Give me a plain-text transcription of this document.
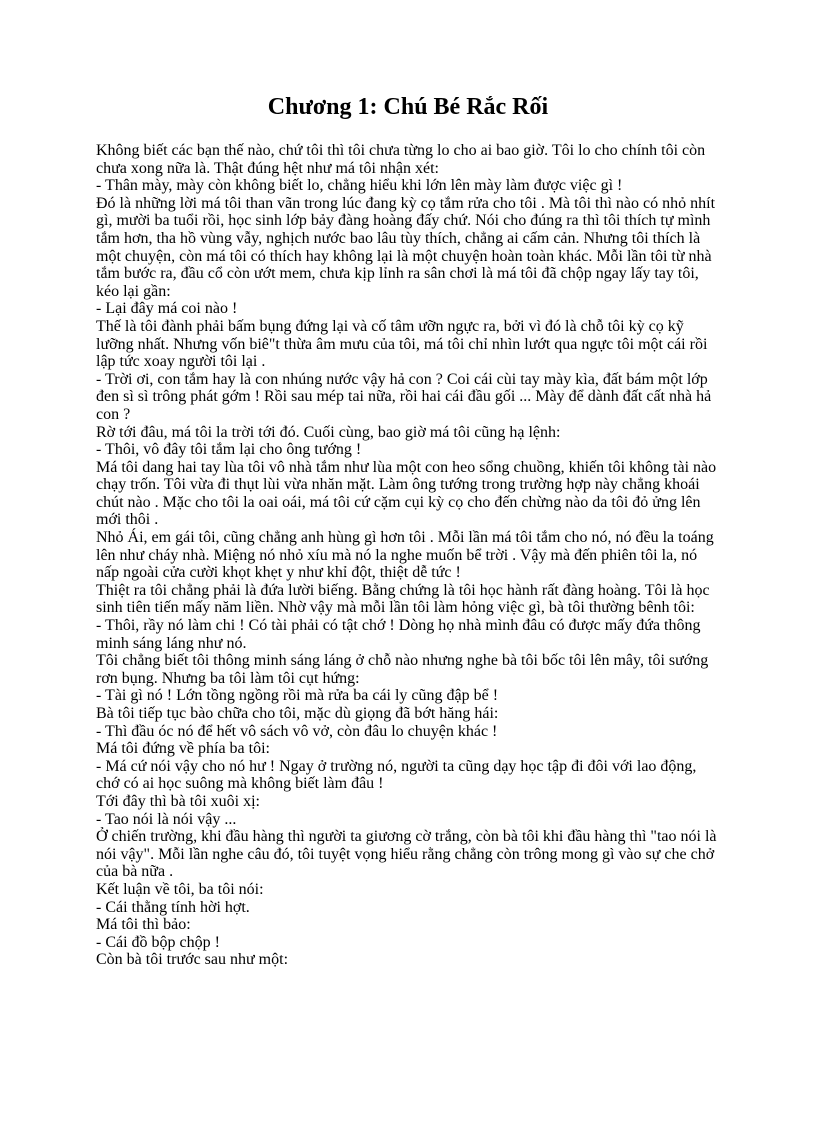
Chương 1: Chú Bé Rắc Rối

Không biết các bạn thế nào, chứ tôi thì tôi chưa từng lo cho ai bao giờ. Tôi lo cho chính tôi còn chưa xong nữa là. Thật đúng hệt như má tôi nhận xét:

- Thân mày, mày còn không biết lo, chẳng hiểu khi lớn lên mày làm được việc gì !

Đó là những lời má tôi than vãn trong lúc đang kỳ cọ tắm rửa cho tôi . Mà tôi thì nào có nhỏ nhít gì, mười ba tuổi rồi, học sinh lớp bảy đàng hoàng đấy chứ. Nói cho đúng ra thì tôi thích tự mình tắm hơn, tha hồ vùng vẫy, nghịch nước bao lâu tùy thích, chẳng ai cấm cản. Nhưng tôi thích là một chuyện, còn má tôi có thích hay không lại là một chuyện hoàn toàn khác. Mỗi lần tôi từ nhà tắm bước ra, đầu cổ còn ướt mem, chưa kịp lỉnh ra sân chơi là má tôi đã chộp ngay lấy tay tôi, kéo lại gần:

- Lại đây má coi nào !

Thế là tôi đành phải bấm bụng đứng lại và cố tâm ưỡn ngực ra, bởi vì đó là chỗ tôi kỳ cọ kỹ lưỡng nhất. Nhưng vốn biê"t thừa âm mưu của tôi, má tôi chỉ nhìn lướt qua ngực tôi một cái rồi lập tức xoay người tôi lại .

- Trời ơi, con tắm hay là con nhúng nước vậy hả con ? Coi cái cùi tay mày kìa, đất bám một lớp đen sì sì trông phát gớm ! Rồi sau mép tai nữa, rồi hai cái đầu gối ... Mày để dành đất cất nhà hả con ?

Rờ tới đâu, má tôi la trời tới đó. Cuối cùng, bao giờ má tôi cũng hạ lệnh:

- Thôi, vô đây tôi tắm lại cho ông tướng !

Má tôi dang hai tay lùa tôi vô nhà tắm như lùa một con heo sổng chuồng, khiến tôi không tài nào chạy trốn. Tôi vừa đi thụt lùi vừa nhăn mặt. Làm ông tướng trong trường hợp này chẳng khoái chút nào . Mặc cho tôi la oai oái, má tôi cứ cặm cụi kỳ cọ cho đến chừng nào da tôi đỏ ửng lên mới thôi .

Nhỏ Ái, em gái tôi, cũng chẳng anh hùng gì hơn tôi . Mỗi lần má tôi tắm cho nó, nó đều la toáng lên như cháy nhà. Miệng nó nhỏ xíu mà nó la nghe muốn bể trời . Vậy mà đến phiên tôi la, nó nấp ngoài cửa cười khọt khẹt y như khỉ đột, thiệt dễ tức !

Thiệt ra tôi chẳng phải là đứa lười biếng. Bằng chứng là tôi học hành rất đàng hoàng. Tôi là học sinh tiên tiến mấy năm liền. Nhờ vậy mà mỗi lần tôi làm hỏng việc gì, bà tôi thường bênh tôi:

- Thôi, rầy nó làm chi ! Có tài phải có tật chớ ! Dòng họ nhà mình đâu có được mấy đứa thông minh sáng láng như nó.

Tôi chẳng biết tôi thông minh sáng láng ở chỗ nào nhưng nghe bà tôi bốc tôi lên mây, tôi sướng rơn bụng. Nhưng ba tôi làm tôi cụt hứng:

- Tài gì nó ! Lớn tồng ngồng rồi mà rửa ba cái ly cũng đập bể !

Bà tôi tiếp tục bào chữa cho tôi, mặc dù giọng đã bớt hăng hái:

- Thì đầu óc nó để hết vô sách vô vở, còn đâu lo chuyện khác !

Má tôi đứng về phía ba tôi:

- Má cứ nói vậy cho nó hư ! Ngay ở trường nó, người ta cũng dạy học tập đi đôi với lao động, chớ có ai học suông mà không biết làm đâu !

Tới đây thì bà tôi xuôi xị:

- Tao nói là nói vậy ...

Ở chiến trường, khi đầu hàng thì người ta giương cờ trắng, còn bà tôi khi đầu hàng thì "tao nói là nói vậy". Mỗi lần nghe câu đó, tôi tuyệt vọng hiểu rằng chẳng còn trông mong gì vào sự che chở của bà nữa .

Kết luận về tôi, ba tôi nói:

- Cái thằng tính hời hợt.

Má tôi thì bảo:

- Cái đồ bộp chộp !

Còn bà tôi trước sau như một:
